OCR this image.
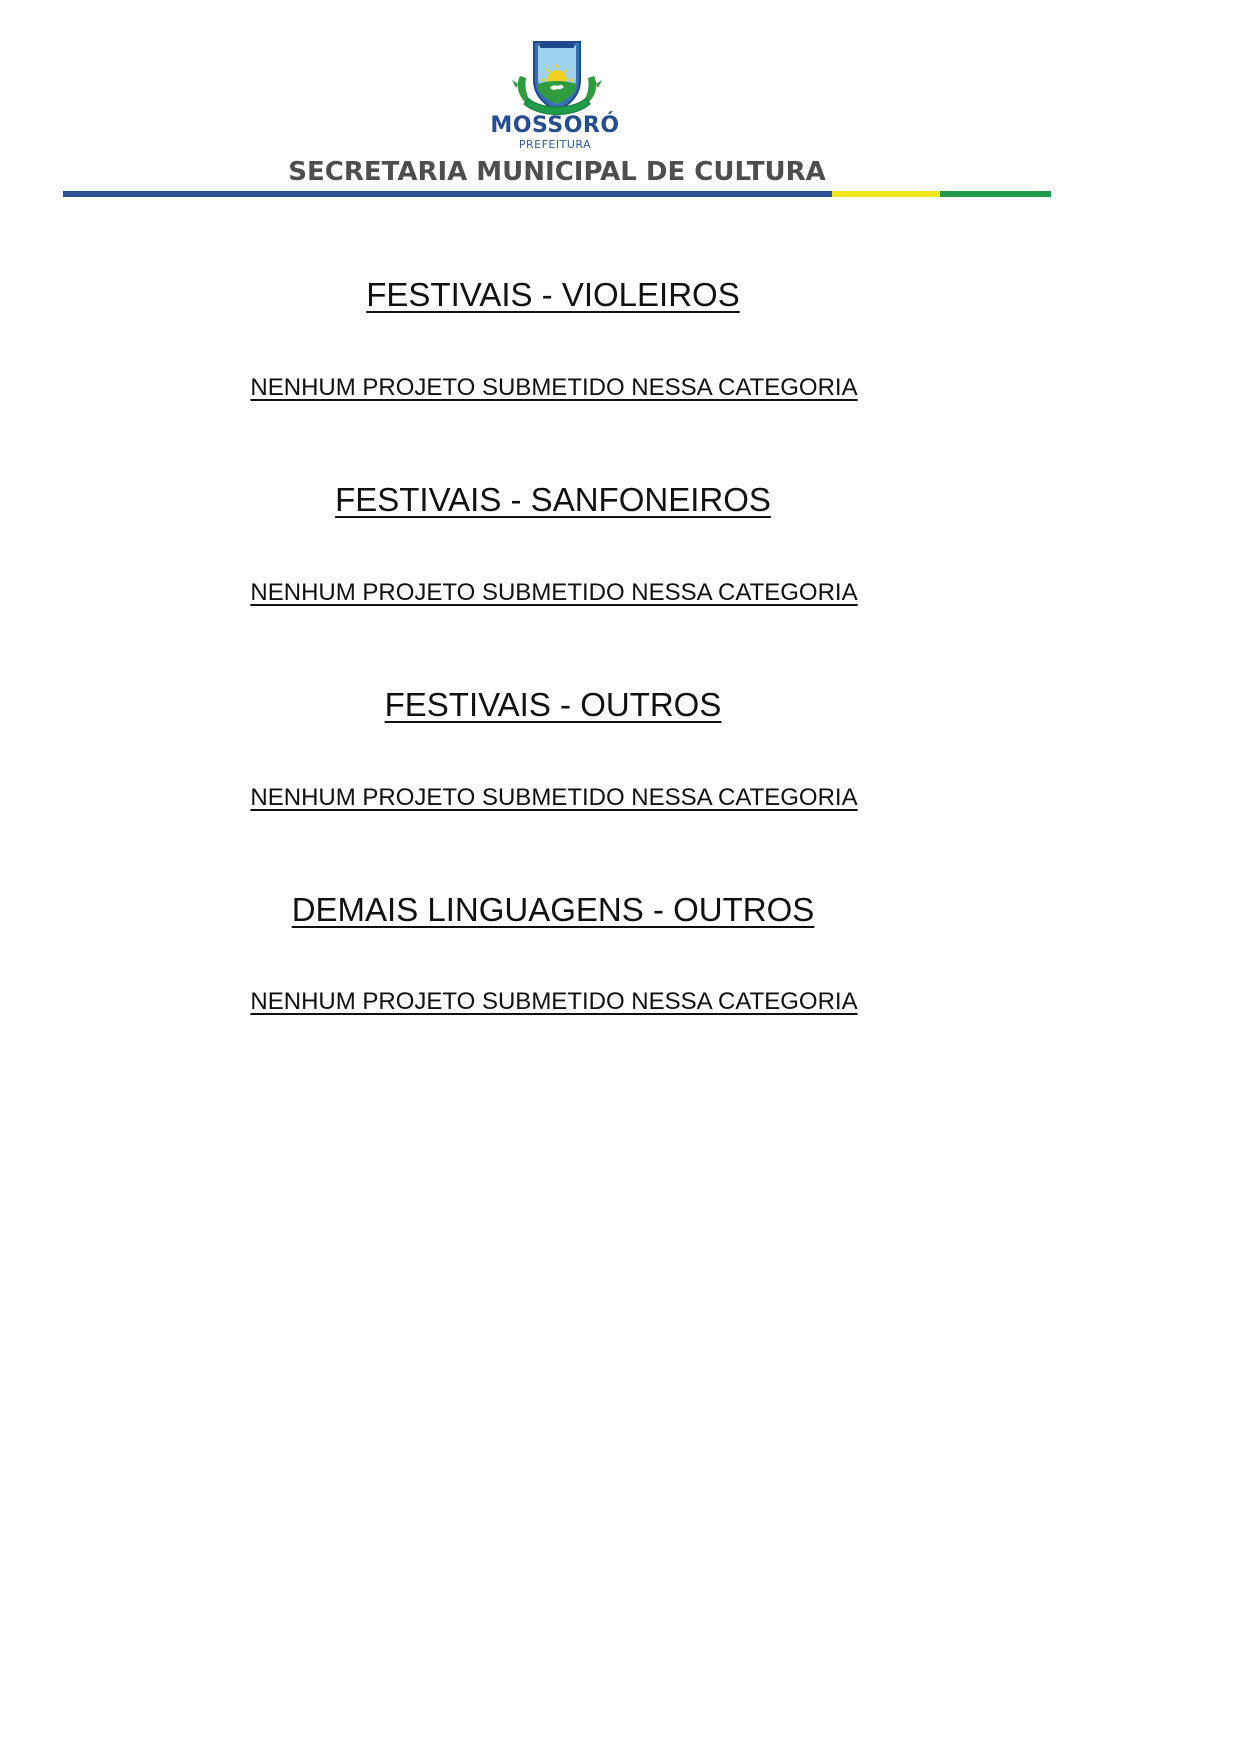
MOSSORÓ
PREFEITURA
SECRETARIA MUNICIPAL DE CULTURA
FESTIVAIS - VIOLEIROS

NENHUM PROJETO SUBMETIDO NESSA CATEGORIA

FESTIVAIS - SANFONEIROS

NENHUM PROJETO SUBMETIDO NESSA CATEGORIA

FESTIVAIS - OUTROS

NENHUM PROJETO SUBMETIDO NESSA CATEGORIA

DEMAIS LINGUAGENS - OUTROS

NENHUM PROJETO SUBMETIDO NESSA CATEGORIA
